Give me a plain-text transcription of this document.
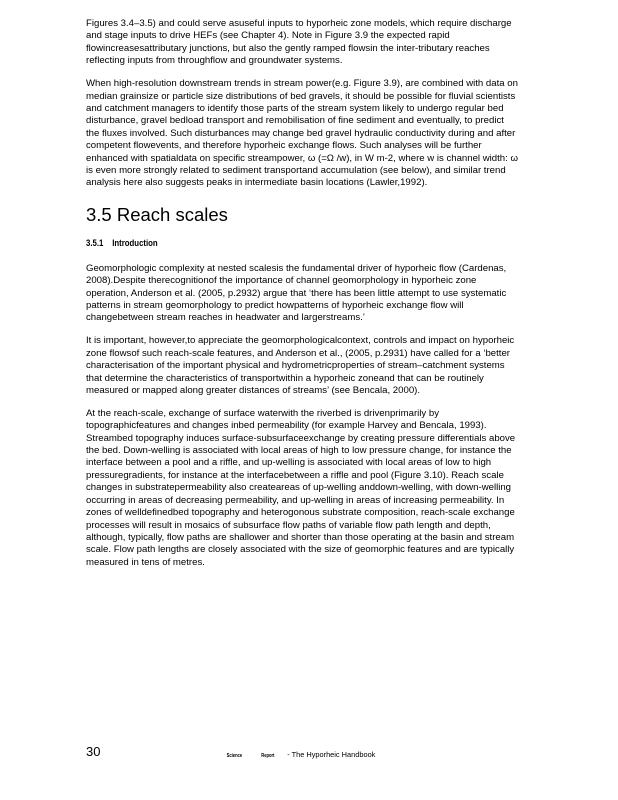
Figures 3.4–3.5) and could serve asuseful inputs to hyporheic zone models, which require discharge and stage inputs to drive HEFs (see Chapter 4). Note in Figure 3.9 the expected rapid flowincreasesattributary junctions, but also the gently ramped flowsin the inter-tributary reaches reflecting inputs from throughflow and groundwater systems.

When high-resolution downstream trends in stream power(e.g. Figure 3.9), are combined with data on median grainsize or particle size distributions of bed gravels, it should be possible for fluvial scientists and catchment managers to identify those parts of the stream system likely to undergo regular bed disturbance, gravel bedload transport and remobilisation of fine sediment and eventually, to predict the fluxes involved. Such disturbances may change bed gravel hydraulic conductivity during and after competent flowevents, and therefore hyporheic exchange flows. Such analyses will be further enhanced with spatialdata on specific streampower, ω (=Ω /w), in W m-2, where w is channel width: ω is even more strongly related to sediment transportand accumulation (see below), and similar trend analysis here also suggests peaks in intermediate basin locations (Lawler,1992).

3.5 Reach scales
3.5.1 Introduction

Geomorphologic complexity at nested scalesis the fundamental driver of hyporheic flow (Cardenas, 2008).Despite therecognitionof the importance of channel geomorphology in hyporheic zone operation, Anderson et al. (2005, p.2932) argue that ‘there has been little attempt to use systematic patterns in stream geomorphology to predict howpatterns of hyporheic exchange flow will changebetween stream reaches in headwater and largerstreams.’

It is important, however,to appreciate the geomorphologicalcontext, controls and impact on hyporheic zone flowsof such reach-scale features, and Anderson et al., (2005, p.2931) have called for a ‘better characterisation of the important physical and hydrometricproperties of stream–catchment systems that determine the characteristics of transportwithin a hyporheic zoneand that can be routinely measured or mapped along greater distances of streams’ (see Bencala, 2000).

At the reach-scale, exchange of surface waterwith the riverbed is drivenprimarily by topographicfeatures and changes inbed permeability (for example Harvey and Bencala, 1993). Streambed topography induces surface-subsurfaceexchange by creating pressure differentials above the bed. Down-welling is associated with local areas of high to low pressure change, for instance the interface between a pool and a riffle, and up-welling is associated with local areas of low to high pressuregradients, for instance at the interfacebetween a riffle and pool (Figure 3.10). Reach scale changes in substratepermeability also createareas of up-welling anddown-welling, with down-welling occurring in areas of decreasing permeability, and up-welling in areas of increasing permeability. In zones of welldefinedbed topography and heterogonous substrate composition, reach-scale exchange processes will result in mosaics of subsurface flow paths of variable flow path length and depth, although, typically, flow paths are shallower and shorter than those operating at the basin and stream scale. Flow path lengths are closely associated with the size of geomorphic features and are typically measured in tens of metres.

30	Science	Report - The Hyporheic Handbook
